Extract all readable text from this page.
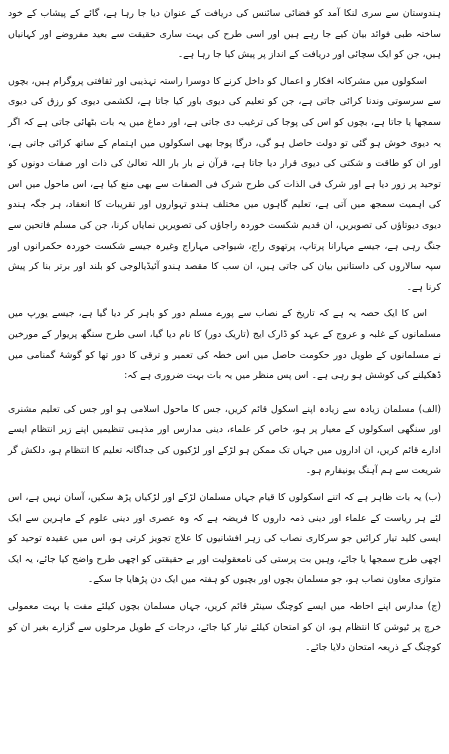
ہندوستان سے سری لنکا آمد کو فضائی سائنس کی دریافت کے عنوان دیا جا رہا ہے، گائے کے پیشاب کے خود ساختہ طبی فوائد بیان کیے جا رہے ہیں اور اسی طرح کی بہت ساری حقیقت سے بعید مفروضے اور کہانیاں ہیں، جن کو ایک سچائی اور دریافت کے انداز پر پیش کیا جا رہا ہے۔

اسکولوں میں مشرکانہ افکار و اعمال کو داخل کرنے کا دوسرا راستہ تہذیبی اور ثقافتی پروگرام ہیں، بچوں سے سرسوتی وندنا کرائی جاتی ہے، جن کو تعلیم کی دیوی باور کیا جاتا ہے، لکشمی دیوی کو رزق کی دیوی سمجھا یا جاتا ہے، بچوں کو اس کی پوجا کی ترغیب دی جاتی ہے، اور دماغ میں یہ بات بٹھائی جاتی ہے کہ اگر یہ دیوی خوش ہو گئی تو دولت حاصل ہو گی، درگا پوجا بھی اسکولوں میں اہتمام کے ساتھ کرائی جاتی ہے، اور ان کو طاقت و شکتی کی دیوی قرار دیا جاتا ہے، قرآن نے بار بار اللہ تعالیٰ کی ذات اور صفات دونوں کو توحید پر زور دیا ہے اور شرک فی الذات کی طرح شرک فی الصفات سے بھی منع کیا ہے، اس ماحول میں اس کی اہمیت سمجھ میں آتی ہے، تعلیم گاہوں میں مختلف ہندو تہواروں اور تقریبات کا انعقاد، ہر جگہ ہندو دیوی دیوتاؤں کی تصویریں، ان قدیم شکست خوردہ راجاؤں کی تصویریں نمایاں کرنا، جن کی مسلم فاتحین سے جنگ رہی ہے، جیسے مہارانا پرتاپ، پرتھوی راج، شیواجی مہاراج وغیرہ جیسے شکست خوردہ حکمرانوں اور سپہ سالاروں کی داستانیں بیان کی جاتی ہیں، ان سب کا مقصد ہندو آئیڈیالوجی کو بلند اور برتر بنا کر پیش کرنا ہے۔

اس کا ایک حصہ یہ ہے کہ تاریخ کے نصاب سے پورے مسلم دور کو باہر کر دیا گیا ہے، جیسے یورپ میں مسلمانوں کے غلبہ و عروج کے عہد کو ڈارک ایج (تاریک دور) کا نام دیا گیا، اسی طرح سنگھ پریوار کے مورخین نے مسلمانوں کے طویل دور حکومت حاصل میں اس خطہ کی تعمیر و ترقی کا دور تھا کو گوشۂ گمنامی میں ڈھکیلنے کی کوشش ہو رہی ہے۔ اس پس منظر میں یہ بات بہت ضروری ہے کہ:

(الف) مسلمان زیادہ سے زیادہ اپنے اسکول قائم کریں، جس کا ماحول اسلامی ہو اور جس کی تعلیم مشنری اور سنگھی اسکولوں کے معیار پر ہو، خاص کر علماء، دینی مدارس اور مذہبی تنظیمیں اپنے زیر انتظام ایسے ادارے قائم کریں، ان اداروں میں جہاں تک ممکن ہو لڑکے اور لڑکیوں کی جداگانہ تعلیم کا انتظام ہو، دلکش گر شریعت سے ہم آہنگ یونیفارم ہو۔

(ب) یہ بات ظاہر ہے کہ اتنے اسکولوں کا قیام جہاں مسلمان لڑکے اور لڑکیاں پڑھ سکیں، آسان نہیں ہے، اس لئے ہر ریاست کے علماء اور دینی ذمہ داروں کا فریضہ ہے کہ وہ عصری اور دینی علوم کے ماہرین سے ایک ایسی کلید تیار کرائیں جو سرکاری نصاب کی زہر افشانیوں کا علاج تجویز کرتی ہو، اس میں عقیدہ توحید کو اچھی طرح سمجھا یا جائے، وہیں بت پرستی کی نامعقولیت اور بے حقیقتی کو اچھی طرح واضح کیا جائے، یہ ایک متوازی معاون نصاب ہو، جو مسلمان بچوں اور بچیوں کو ہفتہ میں ایک دن پڑھایا جا سکے۔

(ج) مدارس اپنے احاطہ میں ایسے کوچنگ سینٹر قائم کریں، جہاں مسلمان بچوں کیلئے مفت یا بہت معمولی خرچ پر ٹیوشن کا انتظام ہو، ان کو امتحان کیلئے تیار کیا جائے، درجات کے طویل مرحلوں سے گزارے بغیر ان کو کوچنگ کے ذریعہ امتحان دلایا جائے۔
